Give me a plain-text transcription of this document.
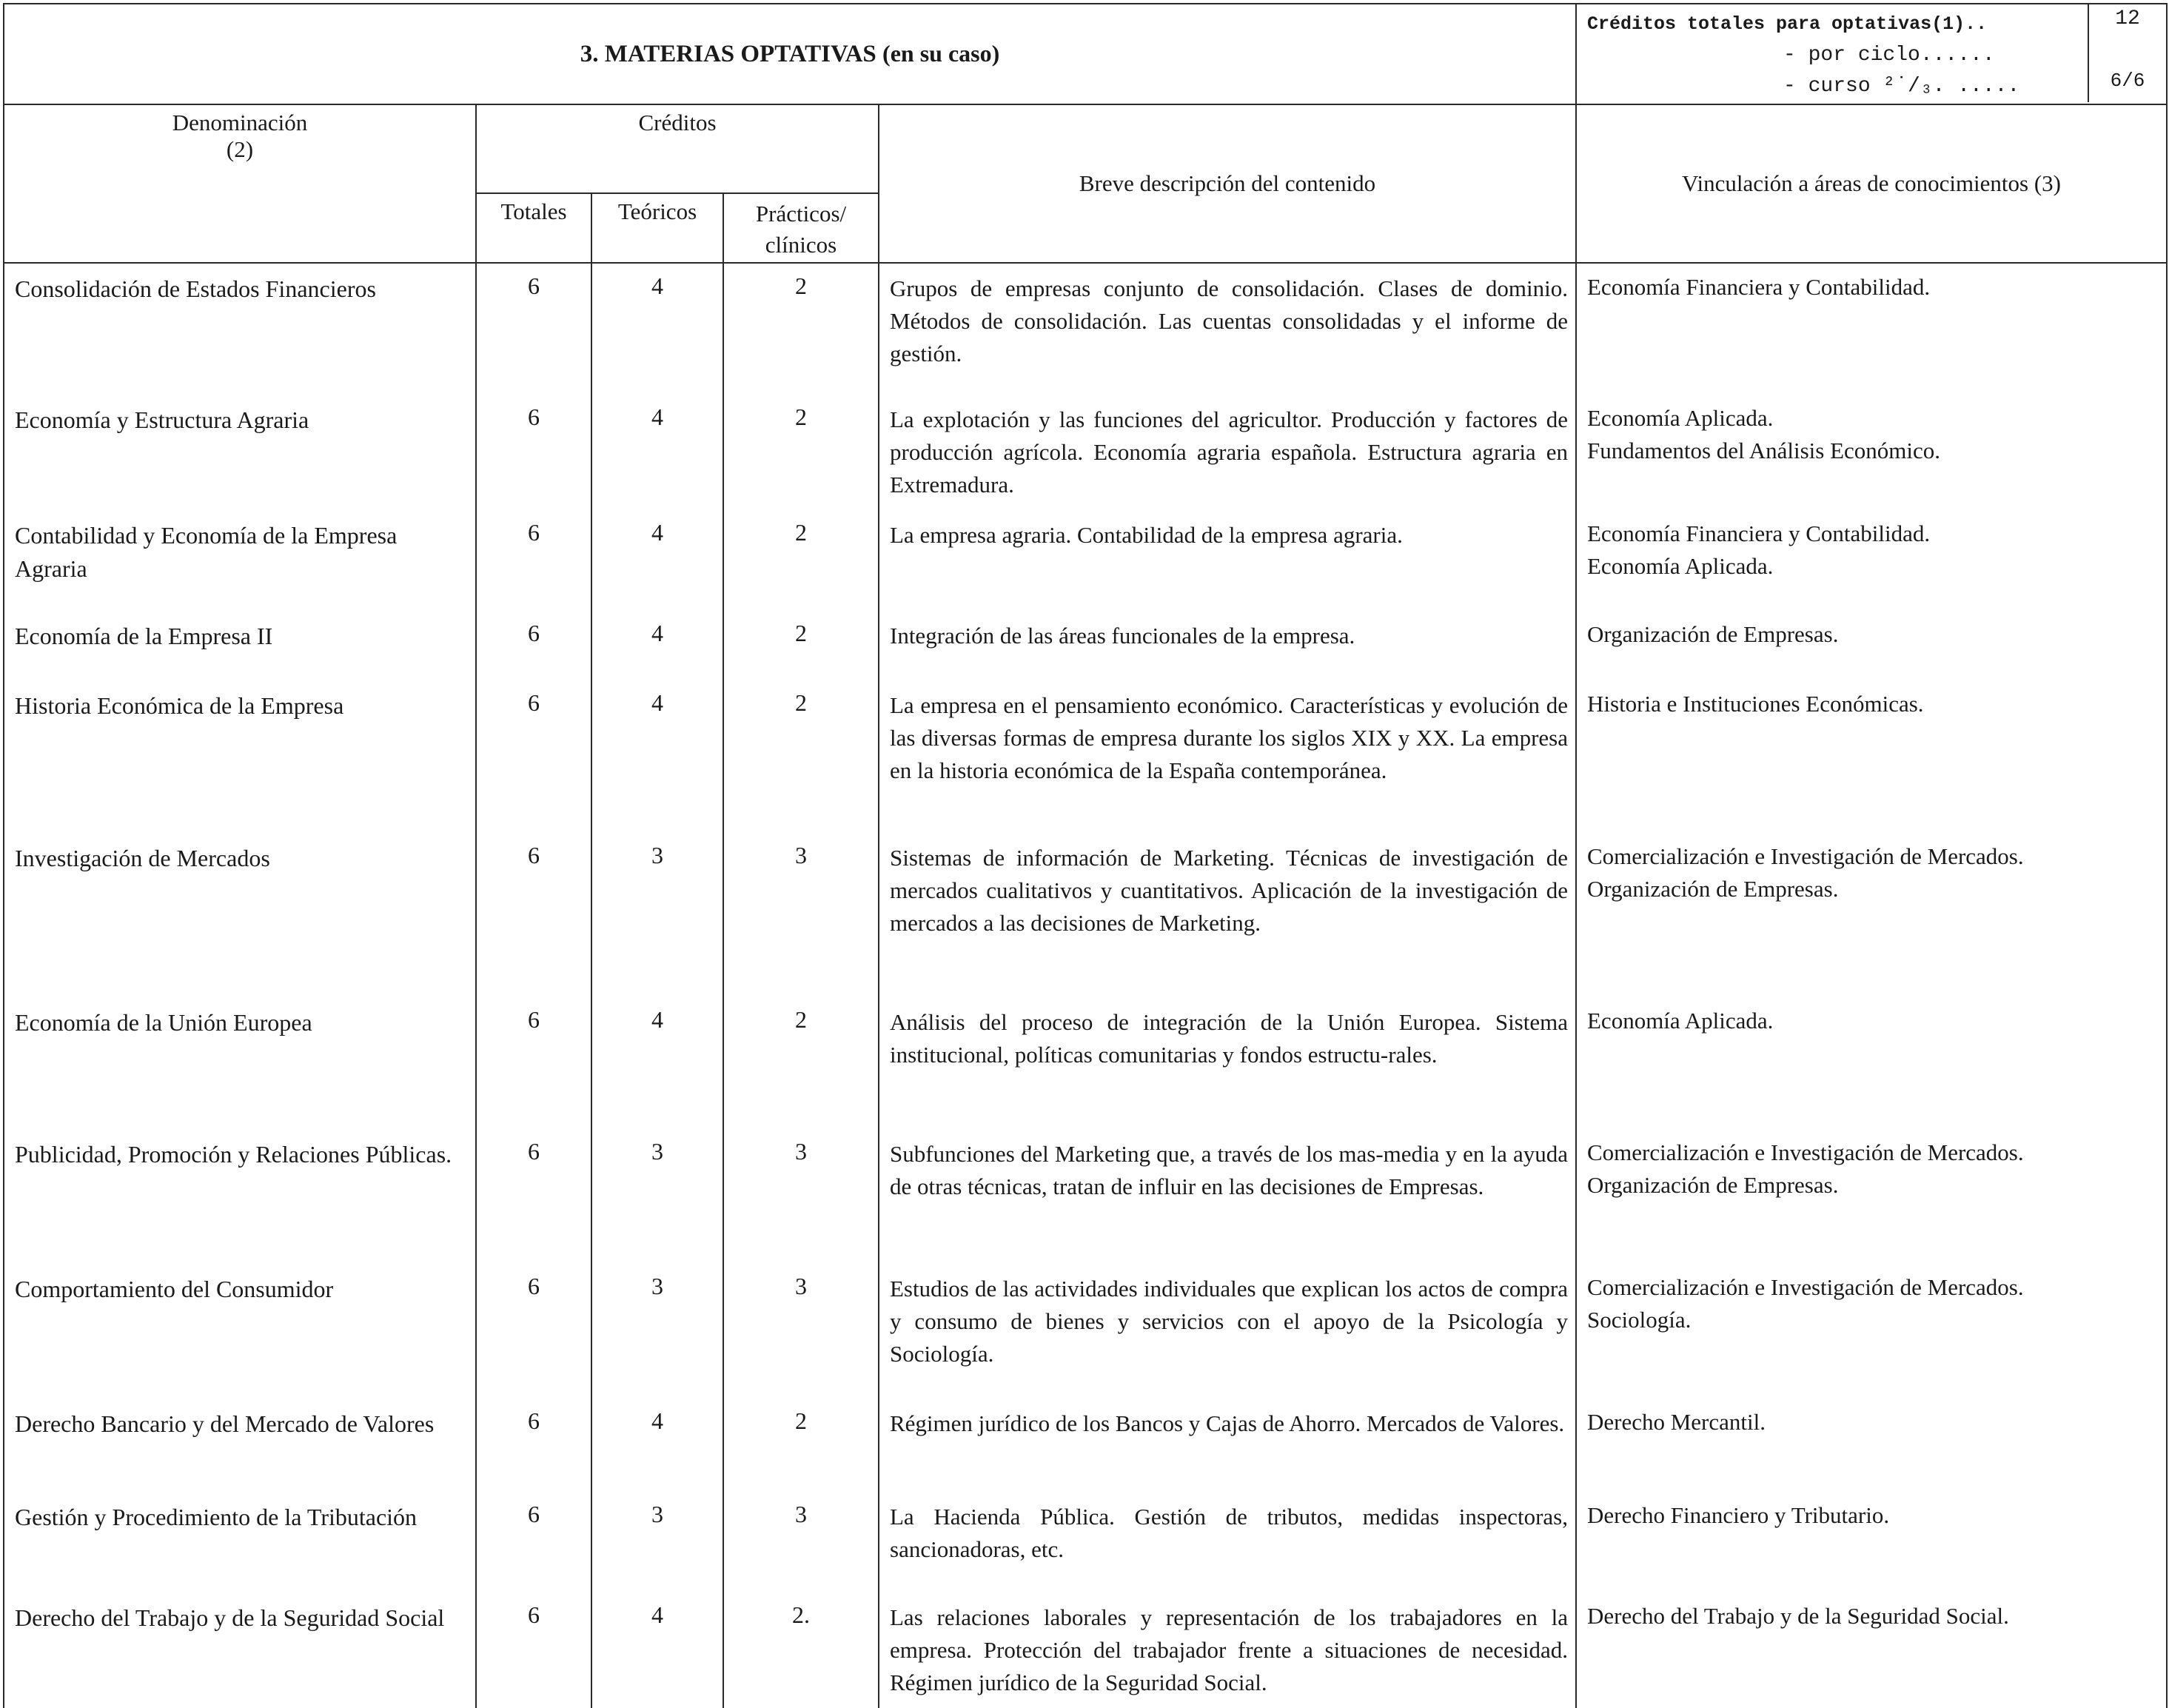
3. MATERIAS OPTATIVAS (en su caso)					Créditos totales para optativas(1)..
- por ciclo......
- curso ²˙/₃. .....
12
6/6

Denominación
(2)	Créditos			Breve descripción del contenido	Vinculación a áreas de conocimientos (3)
	Totales	Teóricos	Prácticos/
clínicos		

Consolidación de Estados Financieros	6	4	2	Grupos de empresas conjunto de consolidación. Clases de dominio. Métodos de consolidación. Las cuentas consolidadas y el informe de gestión.	Economía Financiera y Contabilidad.

Economía y Estructura Agraria	6	4	2	La explotación y las funciones del agricultor. Producción y factores de producción agrícola. Economía agraria española. Estructura agraria en Extremadura.	Economía Aplicada.
Fundamentos del Análisis Económico.

Contabilidad y Economía de la Empresa Agraria	6	4	2	La empresa agraria. Contabilidad de la empresa agraria.	Economía Financiera y Contabilidad.
Economía Aplicada.

Economía de la Empresa II	6	4	2	Integración de las áreas funcionales de la empresa.	Organización de Empresas.

Historia Económica de la Empresa	6	4	2	La empresa en el pensamiento económico. Características y evolución de las diversas formas de empresa durante los siglos XIX y XX. La empresa en la historia económica de la España contemporánea.	Historia e Instituciones Económicas.

Investigación de Mercados	6	3	3	Sistemas de información de Marketing. Técnicas de investigación de mercados cualitativos y cuantitativos. Aplicación de la investigación de mercados a las decisiones de Marketing.	Comercialización e Investigación de Mercados.
Organización de Empresas.

Economía de la Unión Europea	6	4	2	Análisis del proceso de integración de la Unión Europea. Sistema institucional, políticas comunitarias y fondos estructu-rales.	Economía Aplicada.

Publicidad, Promoción y Relaciones Públicas.	6	3	3	Subfunciones del Marketing que, a través de los mas-media y en la ayuda de otras técnicas, tratan de influir en las decisiones de Empresas.	Comercialización e Investigación de Mercados.
Organización de Empresas.

Comportamiento del Consumidor	6	3	3	Estudios de las actividades individuales que explican los actos de compra y consumo de bienes y servicios con el apoyo de la Psicología y Sociología.	Comercialización e Investigación de Mercados.
Sociología.

Derecho Bancario y del Mercado de Valores	6	4	2	Régimen jurídico de los Bancos y Cajas de Ahorro. Mercados de Valores.	Derecho Mercantil.

Gestión y Procedimiento de la Tributación	6	3	3	La Hacienda Pública. Gestión de tributos, medidas inspectoras, sancionadoras, etc.	Derecho Financiero y Tributario.

Derecho del Trabajo y de la Seguridad Social	6	4	2.	Las relaciones laborales y representación de los trabajadores en la empresa. Protección del trabajador frente a situaciones de necesidad. Régimen jurídico de la Seguridad Social.	Derecho del Trabajo y de la Seguridad Social.
